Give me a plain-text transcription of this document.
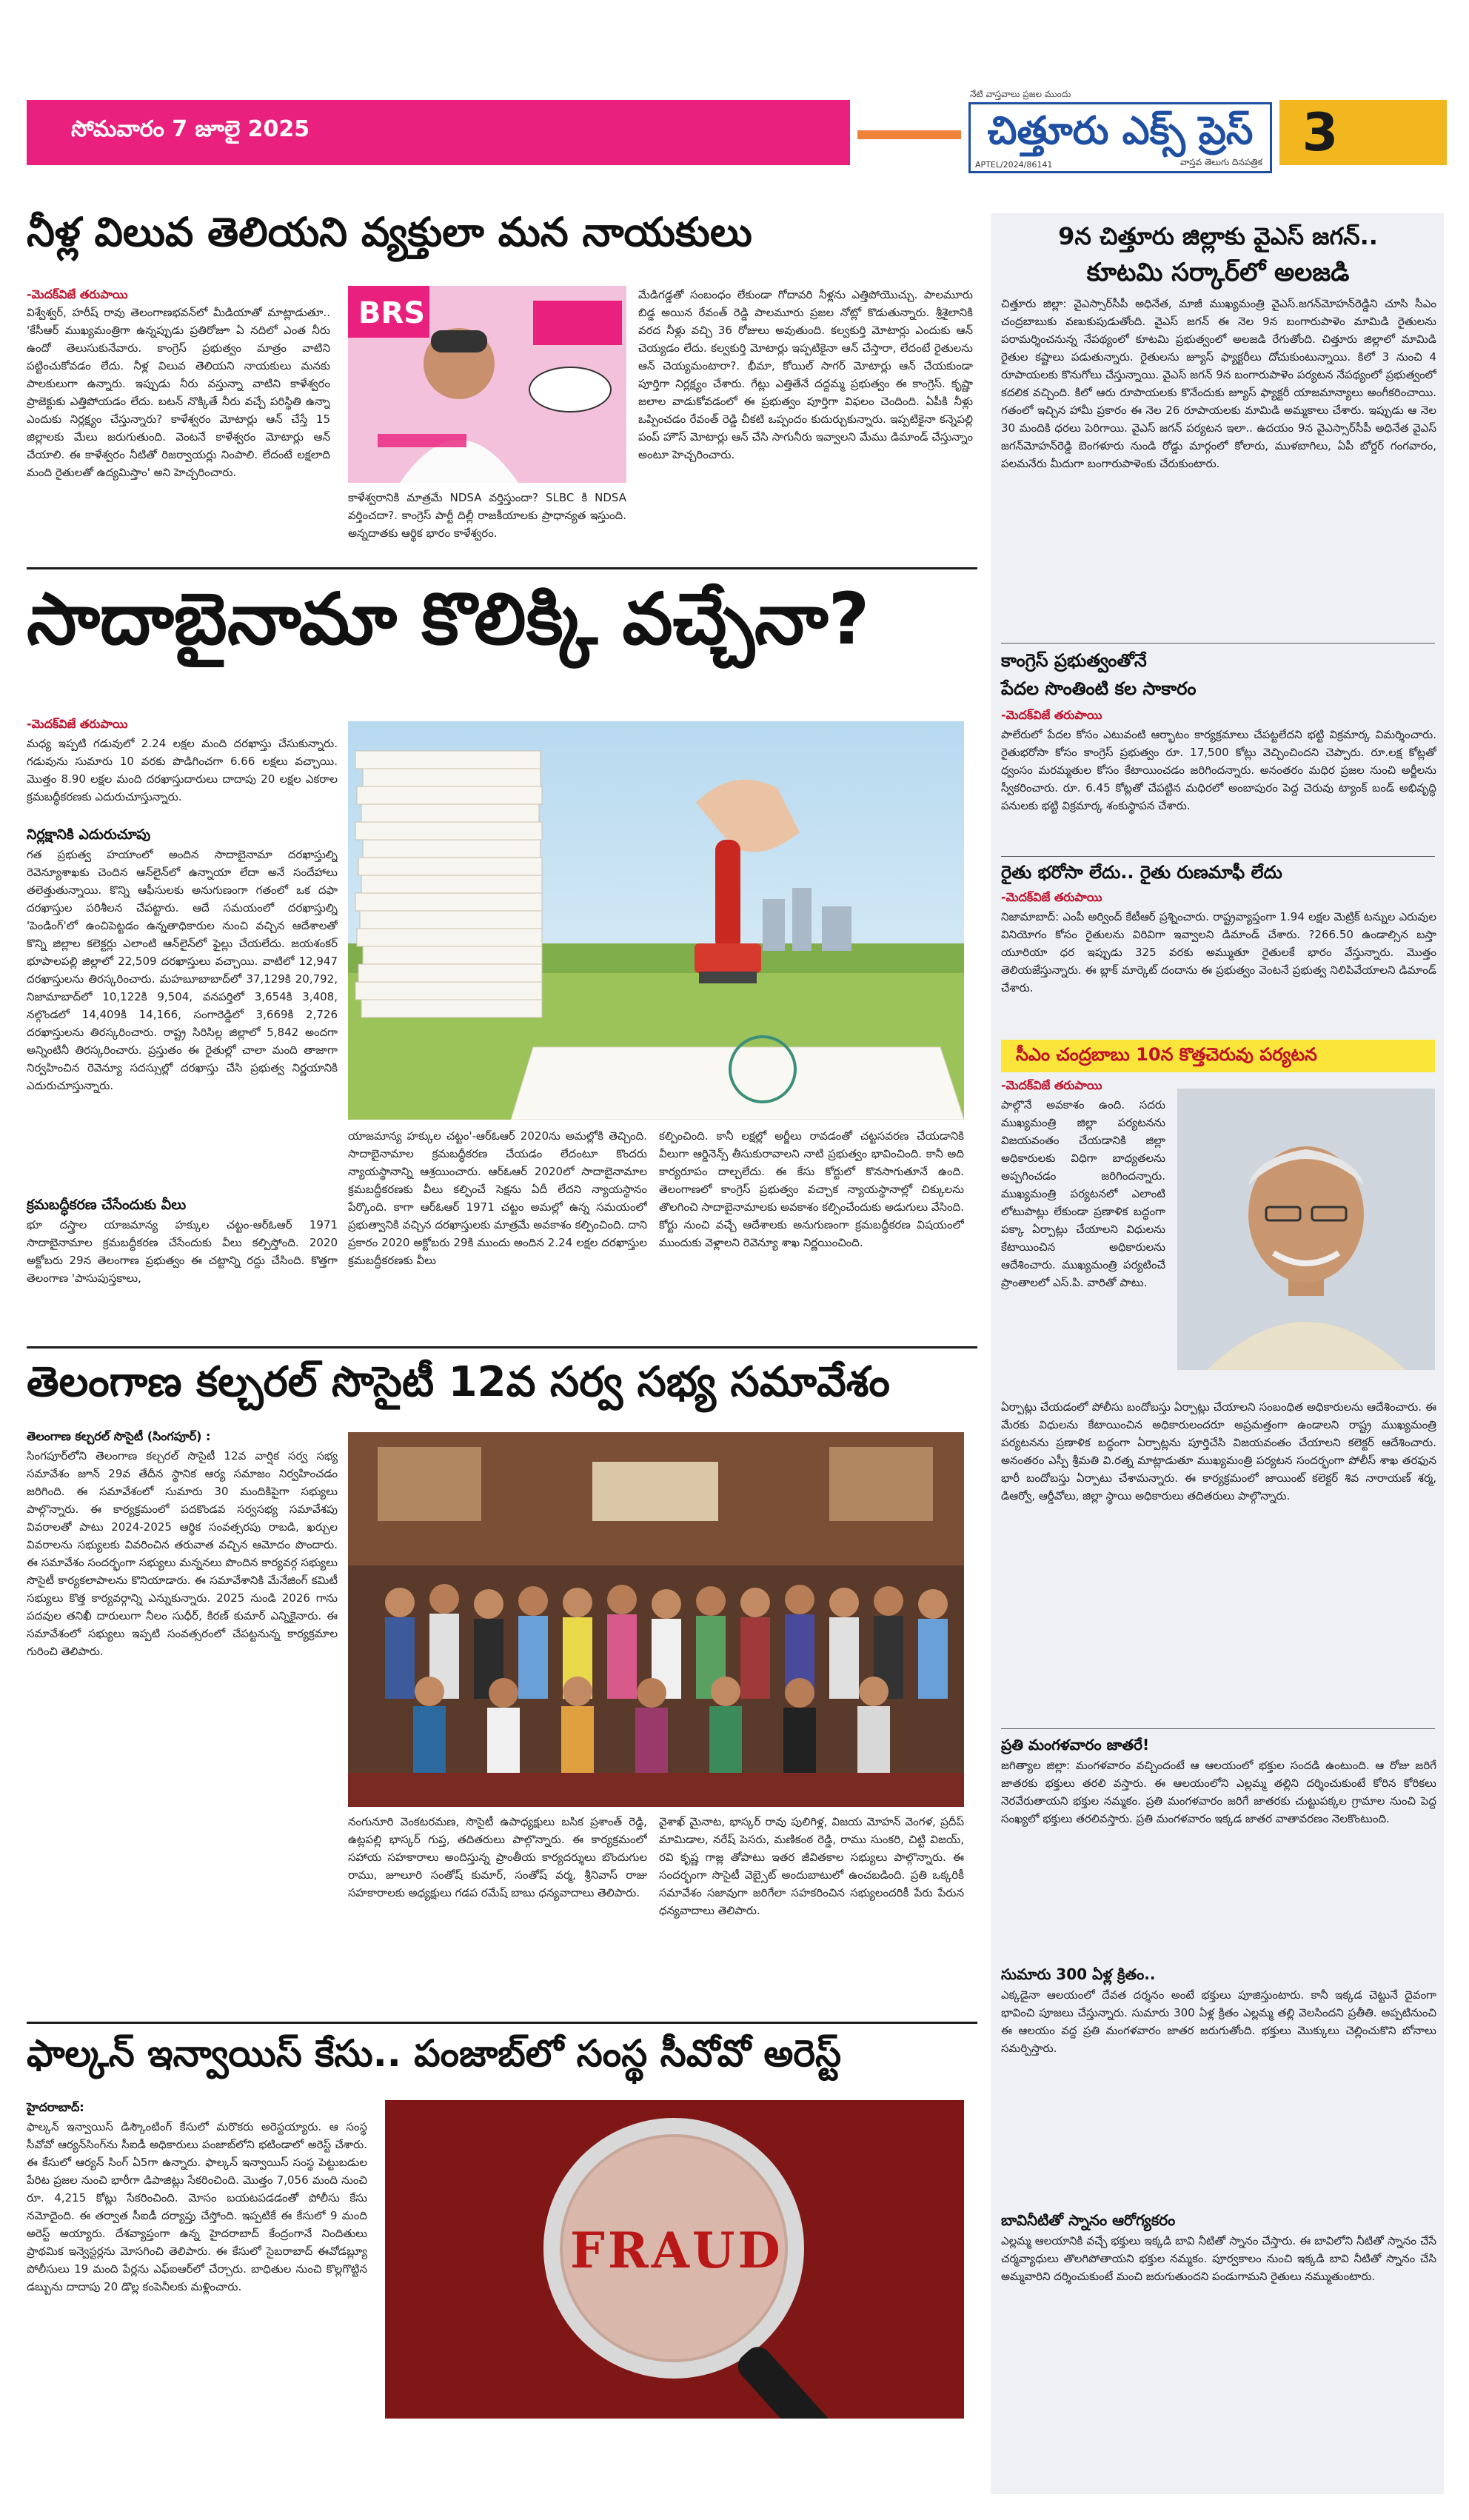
సోమవారం 7 జూలై 2025
నేటి వాస్తవాలు ప్రజల ముందు
చిత్తూరు ఎక్స్ ప్రెస్
APTEL/2024/86141	వాస్తవ తెలుగు దినపత్రిక 3
నీళ్ల విలువ తెలియని వ్యక్తులా మన నాయకులు
-మెదక్‌విజే తరుపాయి
విశ్వేశ్వర్, హరీష్ రావు తెలంగాణభవన్‌లో మీడియాతో మాట్లాడుతూ.. 'కేసీఆర్ ముఖ్యమంత్రిగా ఉన్నప్పుడు ప్రతిరోజూ ఏ నదిలో ఎంత నీరు ఉందో తెలుసుకునేవారు. కాంగ్రెస్ ప్రభుత్వం మాత్రం వాటిని పట్టించుకోవడం లేదు. నీళ్ల విలువ తెలియని నాయకులు మనకు పాలకులుగా ఉన్నారు. ఇప్పుడు నీరు వస్తున్నా వాటిని కాళేశ్వరం ప్రాజెక్టుకు ఎత్తిపోయడం లేదు. బటన్ నొక్కితే నీరు వచ్చే పరిస్థితి ఉన్నా ఎందుకు నిర్లక్ష్యం చేస్తున్నారు? కాళేశ్వరం మోటార్లు ఆన్ చేస్తే 15 జిల్లాలకు మేలు జరుగుతుంది. వెంటనే కాళేశ్వరం మోటార్లు ఆన్ చేయాలి. ఈ కాళేశ్వరం నీటితో రిజర్వాయర్లు నింపాలి. లేదంటే లక్షలాది మంది రైతులతో ఉద్యమిస్తాం' అని హెచ్చరించారు.
BRS
కాళేశ్వరానికి మాత్రమే NDSA వర్తిస్తుందా? SLBC కి NDSA వర్తించదా?. కాంగ్రెస్ పార్టీ దిల్లీ రాజకీయాలకు ప్రాధాన్యత ఇస్తుంది. అన్నదాతకు ఆర్థిక భారం కాళేశ్వరం.
మేడిగడ్డతో సంబంధం లేకుండా గోదావరి నీళ్లను ఎత్తిపోయొచ్చు. పాలమూరు బిడ్డ అయిన రేవంత్ రెడ్డి పాలమూరు ప్రజల నోట్లో కొడుతున్నారు. శ్రీశైలానికి వరద నీళ్లు వచ్చి 36 రోజులు అవుతుంది. కల్వకుర్తి మోటార్లు ఎందుకు ఆన్ చెయ్యడం లేదు. కల్వకుర్తి మోటార్లు ఇప్పటికైనా ఆన్ చేస్తారా, లేదంటే రైతులను ఆన్ చెయ్యమంటారా?. భీమా, కోయిల్ సాగర్ మోటార్లు ఆన్ చేయకుండా పూర్తిగా నిర్లక్ష్యం చేశారు. గేట్లు ఎత్తితేనే దద్దమ్మ ప్రభుత్వం ఈ కాంగ్రెస్. కృష్ణా జలాల వాడుకోవడంలో ఈ ప్రభుత్వం పూర్తిగా విఫలం చెందింది. ఏపీకి నీళ్లు ఒప్పించడం రేవంత్ రెడ్డి చీకటి ఒప్పందం కుదుర్చుకున్నారు. ఇప్పటికైనా కన్నెపల్లి పంప్ హౌస్ మోటార్లు ఆన్ చేసి సాగునీరు ఇవ్వాలని మేము డిమాండ్ చేస్తున్నాం అంటూ హెచ్చరించారు.
సాదాబైనామా కొలిక్కి వచ్చేనా?
-మెదక్‌విజే తరుపాయి
మధ్య ఇప్పటి గడువులో 2.24 లక్షల మంది దరఖాస్తు చేసుకున్నారు. గడువును సుమారు 10 వరకు పొడిగించగా 6.66 లక్షలు వచ్చాయి. మొత్తం 8.90 లక్షల మంది దరఖాస్తుదారులు దాదాపు 20 లక్షల ఎకరాల క్రమబద్ధీకరణకు ఎదురుచూస్తున్నారు.
నిర్లక్షానికి ఎదురుచూపు
గత ప్రభుత్వ హయాంలో అందిన సాదాబైనామా దరఖాస్తుల్ని రెవెన్యూశాఖకు చెందిన ఆన్‌లైన్‌లో ఉన్నాయా లేదా అనే సందేహాలు తలెత్తుతున్నాయి. కొన్ని ఆఫీసులకు అనుగుణంగా గతంలో ఒక దఫా దరఖాస్తుల పరిశీలన చేపట్టారు. ఆదే సమయంలో దరఖాస్తుల్ని 'పెండింగ్‌'లో ఉంచిపెట్టడం ఉన్నతాధికారుల నుంచి వచ్చిన ఆదేశాలతో కొన్ని జిల్లాల కలెక్టర్లు ఎలాంటి ఆన్‌లైన్‌లో ఫైల్లు చేయలేదు. జయశంకర్ భూపాలపల్లి జిల్లాలో 22,509 దరఖాస్తులు వచ్చాయి. వాటిలో 12,947 దరఖాస్తులను తిరస్కరించారు. మహబూబాబాద్‌లో 37,129కి 20,792, నిజామాబాద్‌లో 10,122కి 9,504, వనపర్తిలో 3,654కి 3,408, నల్గొండలో 14,409కి 14,166, సంగారెడ్డిలో 3,669కి 2,726 దరఖాస్తులను తిరస్కరించారు. రాష్ట్ర సిరిసిల్ల జిల్లాలో 5,842 అందగా అన్నింటినీ తిరస్కరించారు. ప్రస్తుతం ఈ రైతుల్లో చాలా మంది తాజాగా నిర్వహించిన రెవెన్యూ సదస్సుల్లో దరఖాస్తు చేసి ప్రభుత్వ నిర్ణయానికి ఎదురుచూస్తున్నారు.
క్రమబద్ధీకరణ చేసేందుకు వీలు
భూ దస్త్రాల యాజమాన్య హక్కుల చట్టం-ఆర్‌ఓఆర్ 1971 సాదాబైనామాల క్రమబద్ధీకరణ చేసేందుకు వీలు కల్పిస్తోంది. 2020 అక్టోబరు 29న తెలంగాణ ప్రభుత్వం ఈ చట్టాన్ని రద్దు చేసింది. కొత్తగా తెలంగాణ 'పాసుపుస్తకాలు,
యాజమాన్య హక్కుల చట్టం'-ఆర్‌ఓఆర్ 2020ను అమల్లోకి తెచ్చింది. సాదాబైనామాల క్రమబద్ధీకరణ చేయడం లేదంటూ కొందరు న్యాయస్థానాన్ని ఆశ్రయించారు. ఆర్‌ఓఆర్ 2020లో సాదాబైనామాల క్రమబద్ధీకరణకు వీలు కల్పించే సెక్షను ఏదీ లేదని న్యాయస్థానం పేర్కొంది. కాగా ఆర్‌ఓఆర్ 1971 చట్టం అమల్లో ఉన్న సమయంలో ప్రభుత్వానికి వచ్చిన దరఖాస్తులకు మాత్రమే అవకాశం కల్పించింది. దాని ప్రకారం 2020 అక్టోబరు 29కి ముందు అందిన 2.24 లక్షల దరఖాస్తుల క్రమబద్ధీకరణకు వీలు
కల్పించింది. కానీ లక్షల్లో అర్జీలు రావడంతో చట్టసవరణ చేయడానికి వీలుగా ఆర్డినెన్స్ తీసుకురావాలని నాటి ప్రభుత్వం భావించింది. కానీ అది కార్యరూపం దాల్చలేదు. ఈ కేసు కోర్టులో కొనసాగుతూనే ఉంది. తెలంగాణలో కాంగ్రెస్ ప్రభుత్వం వచ్చాక న్యాయస్థానాల్లో చిక్కులను తొలగించి సాదాబైనామాలకు అవకాశం కల్పించేందుకు అడుగులు వేసింది. కోర్టు నుంచి వచ్చే ఆదేశాలకు అనుగుణంగా క్రమబద్ధీకరణ విషయంలో ముందుకు వెళ్లాలని రెవెన్యూ శాఖ నిర్ణయించింది.
తెలంగాణ కల్చరల్ సొసైటీ 12వ సర్వ సభ్య సమావేశం
తెలంగాణ కల్చరల్ సొసైటీ (సింగపూర్) :
సింగపూర్‌లోని తెలంగాణ కల్చరల్ సొసైటీ 12వ వార్షిక సర్వ సభ్య సమావేశం జూన్ 29వ తేదీన స్థానిక ఆర్య సమాజం నిర్వహించడం జరిగింది. ఈ సమావేశంలో సుమారు 30 మందికిపైగా సభ్యులు పాల్గొన్నారు. ఈ కార్యక్రమంలో పదకొండవ సర్వసభ్య సమావేశపు వివరాలతో పాటు 2024-2025 ఆర్థిక సంవత్సరపు రాబడి, ఖర్చుల వివరాలను సభ్యులకు వివరించిన తరువాత వచ్చిన ఆమోదం పొందారు. ఈ సమావేశం సందర్భంగా సభ్యులు మన్ననలు పొందిన కార్యవర్గ సభ్యులు సొసైటీ కార్యకలాపాలను కొనియాడారు. ఈ సమావేశానికి మేనేజింగ్ కమిటీ సభ్యులు కొత్త కార్యవర్గాన్ని ఎన్నుకున్నారు. 2025 నుండి 2026 గాను పదవుల తనిఖీ దారులుగా నీలం సుధీర్, కిరణ్ కుమార్ ఎన్నికైనారు. ఈ సమావేశంలో సభ్యులు ఇప్పటి సంవత్సరంలో చేపట్టనున్న కార్యక్రమాల గురించి తెలిపారు.
నంగునూరి వెంకటరమణ, సొసైటీ ఉపాధ్యక్షులు బసిక ప్రశాంత్ రెడ్డి, ఉట్లపల్లి భాస్కర్ గుప్త, తదితరులు పాల్గొన్నారు. ఈ కార్యక్రమంలో సహాయ సహకారాలు అందిస్తున్న ప్రాంతీయ కార్యదర్శులు బొందుగుల రాము, జూలూరి సంతోష్ కుమార్, సంతోష్ వర్మ, శ్రీనివాస్ రాజు సహకారాలకు అధ్యక్షులు గడప రమేష్ బాబు ధన్యవాదాలు తెలిపారు.
వైశాఖ్ మైనాట, భాస్కర్ రావు పులిగిళ్ల, విజయ మోహన్ వెంగళ, ప్రదీప్ మామిడాల, నరేష్ పెసరు, మణికంఠ రెడ్డి, రాము సుంకరి, చిట్టి విజయ్, రవి కృష్ణ గాజ్ల తోపాటు ఇతర జీవితకాల సభ్యులు పాల్గొన్నారు. ఈ సందర్భంగా సొసైటీ వెబ్సైట్ అందుబాటులో ఉంచబడింది. ప్రతి ఒక్కరికీ సమావేశం సజావుగా జరిగేలా సహకరించిన సభ్యులందరికీ పేరు పేరున ధన్యవాదాలు తెలిపారు.
ఫాల్కన్ ఇన్వాయిస్ కేసు.. పంజాబ్‌లో సంస్థ సీవోవో అరెస్ట్
హైదరాబాద్:
ఫాల్కన్ ఇన్వాయిస్ డిస్కౌంటింగ్ కేసులో మరొకరు అరెస్టయ్యారు. ఆ సంస్థ సీవోవో ఆర్యన్‌సింగ్‌ను సీఐడీ అధికారులు పంజాబ్‌లోని భటిండాలో అరెస్ట్ చేశారు. ఈ కేసులో ఆర్యన్ సింగ్ ఏ5గా ఉన్నారు. ఫాల్కన్ ఇన్వాయిస్ సంస్థ పెట్టుబడుల పేరిట ప్రజల నుంచి భారీగా డిపాజిట్లు సేకరించింది. మొత్తం 7,056 మంది నుంచి రూ. 4,215 కోట్లు సేకరించింది. మోసం బయటపడడంతో పోలీసు కేసు నమోదైంది. ఈ తర్వాత సీఐడీ దర్యాప్తు చేస్తోంది. ఇప్పటికే ఈ కేసులో 9 మంది అరెస్ట్ అయ్యారు. దేశవ్యాప్తంగా ఉన్న హైదరాబాద్ కేంద్రంగానే నిందితులు ప్రాథమిక ఇన్వెస్టర్లను మోసగించి తెలిపారు. ఈ కేసులో సైబరాబాద్ ఈవోడబ్ల్యూ పోలీసులు 19 మంది పేర్లను ఎఫ్ఐఆర్‌లో చేర్చారు. బాధితుల నుంచి కొల్లగొట్టిన డబ్బును దాదాపు 20 డొల్ల కంపెనీలకు మళ్లించారు.
FRAUD
9న చిత్తూరు జిల్లాకు వైఎస్ జగన్..
కూటమి సర్కార్‌లో అలజడి
చిత్తూరు జిల్లా: వైఎస్సార్‌సీపీ అధినేత, మాజీ ముఖ్యమంత్రి వైఎస్.జగన్‌మోహన్‌రెడ్డిని చూసి సీఎం చంద్రబాబుకు వణుకుపుడుతోంది. వైఎస్ జగన్ ఈ నెల 9న బంగారుపాళెం మామిడి రైతులను పరామర్శించనున్న నేపథ్యంలో కూటమి ప్రభుత్వంలో అలజడి రేగుతోంది. చిత్తూరు జిల్లాలో మామిడి రైతుల కష్టాలు పడుతున్నారు. రైతులను జ్యూస్ ఫ్యాక్టరీలు దోచుకుంటున్నాయి. కిలో 3 నుంచి 4 రూపాయలకు కొనుగోలు చేస్తున్నాయి. వైఎస్ జగన్ 9న బంగారుపాళెం పర్యటన నేపథ్యంలో ప్రభుత్వంలో కదలిక వచ్చింది. కిలో ఆరు రూపాయలకు కొనేందుకు జ్యూస్ ఫ్యాక్టరీ యాజమాన్యాలు అంగీకరించాయి. గతంలో ఇచ్చిన హామీ ప్రకారం ఈ నెల 26 రూపాయలకు మామిడి అమ్మకాలు చేశారు. ఇప్పుడు ఆ నెల 30 మందికి ధరలు పెరిగాయి. వైఎస్ జగన్ పర్యటన ఇలా.. ఉదయం 9న వైఎస్సార్‌సీపీ అధినేత వైఎస్ జగన్‌మోహన్‌రెడ్డి బెంగళూరు నుండి రోడ్డు మార్గంలో కోలారు, ముళబాగిలు, ఏపీ బోర్డర్ గంగవారం, పలమనేరు మీదుగా బంగారుపాళెంకు చేరుకుంటారు.
కాంగ్రెస్ ప్రభుత్వంతోనే
పేదల సొంతింటి కల సాకారం
-మెదక్‌విజే తరుపాయి
పాలేరులో పేదల కోసం ఎటువంటి ఆర్భాటం కార్యక్రమాలు చేపట్టలేదని భట్టి విక్రమార్క విమర్శించారు. రైతుభరోసా కోసం కాంగ్రెస్ ప్రభుత్వం రూ. 17,500 కోట్లు వెచ్చించిందని చెప్పారు. రూ.లక్ష కోట్లతో ధ్వంసం మరమ్మతుల కోసం కేటాయించడం జరిగిందన్నారు. అనంతరం మధిర ప్రజల నుంచి అర్జీలను స్వీకరించారు. రూ. 6.45 కోట్లతో చేపట్టిన మధిరలో అంబాపురం పెద్ద చెరువు ట్యాంక్ బండ్ అభివృద్ధి పనులకు భట్టి విక్రమార్క శంకుస్థాపన చేశారు.
రైతు భరోసా లేదు.. రైతు రుణమాఫీ లేదు
-మెదక్‌విజే తరుపాయి
నిజామాబాద్: ఎంపీ అర్వింద్ కేటీఆర్ ప్రశ్నించారు. రాష్ట్రవ్యాప్తంగా 1.94 లక్షల మెట్రిక్ టన్నుల ఎరువుల వినియోగం కోసం రైతులను విరివిగా ఇవ్వాలని డిమాండ్ చేశారు. ?266.50 ఉండాల్సిన బస్తా యూరియా ధర ఇప్పుడు 325 వరకు అమ్ముతూ రైతులకే భారం వేస్తున్నారు. మొత్తం తెలియజేస్తున్నారు. ఈ బ్లాక్ మార్కెట్ దందాను ఈ ప్రభుత్వం వెంటనే ప్రభుత్వ నిలిపివేయాలని డిమాండ్ చేశారు.
సీఎం చంద్రబాబు 10న కొత్తచెరువు పర్యటన
-మెదక్‌విజే తరుపాయి
పాల్గొనే అవకాశం ఉంది. సదరు ముఖ్యమంత్రి జిల్లా పర్యటనను విజయవంతం చేయడానికి జిల్లా అధికారులకు విధిగా బాధ్యతలను అప్పగించడం జరిగిందన్నారు. ముఖ్యమంత్రి పర్యటనలో ఎలాంటి లోటుపాట్లు లేకుండా ప్రణాళిక బద్ధంగా పక్కా ఏర్పాట్లు చేయాలని విధులను కేటాయించిన అధికారులను ఆదేశించారు. ముఖ్యమంత్రి పర్యటించే ప్రాంతాలలో ఎస్.పి. వారితో పాటు.
ఏర్పాట్లు చేయడంలో పోలీసు బందోబస్తు ఏర్పాట్లు చేయాలని సంబంధిత అధికారులను ఆదేశించారు. ఈ మేరకు విధులను కేటాయించిన అధికారులందరూ అప్రమత్తంగా ఉండాలని రాష్ట్ర ముఖ్యమంత్రి పర్యటనను ప్రణాళిక బద్ధంగా ఏర్పాట్లను పూర్తిచేసి విజయవంతం చేయాలని కలెక్టర్ ఆదేశించారు. అనంతరం ఎస్పీ శ్రీమతి వి.రత్న మాట్లాడుతూ ముఖ్యమంత్రి పర్యటన సందర్భంగా పోలీస్ శాఖ తరఫున భారీ బందోబస్తు ఏర్పాటు చేశామన్నారు. ఈ కార్యక్రమంలో జాయింట్ కలెక్టర్ శివ నారాయణ్ శర్మ, డిఆర్వో, ఆర్డీవోలు, జిల్లా స్థాయి అధికారులు తదితరులు పాల్గొన్నారు.
ప్రతి మంగళవారం జాతరే!
జగిత్యాల జిల్లా: మంగళవారం వచ్చిందంటే ఆ ఆలయంలో భక్తుల సందడి ఉంటుంది. ఆ రోజు జరిగే జాతరకు భక్తులు తరలి వస్తారు. ఈ ఆలయంలోని ఎల్లమ్మ తల్లిని దర్శించుకుంటే కోరిన కోరికలు నెరవేరుతాయని భక్తుల నమ్మకం. ప్రతి మంగళవారం జరిగే జాతరకు చుట్టుపక్కల గ్రామాల నుంచి పెద్ద సంఖ్యలో భక్తులు తరలివస్తారు. ప్రతి మంగళవారం ఇక్కడ జాతర వాతావరణం నెలకొంటుంది.
సుమారు 300 ఏళ్ల క్రితం..
ఎక్కడైనా ఆలయంలో దేవత దర్శనం అంటే భక్తులు పూజిస్తుంటారు. కానీ ఇక్కడ చెట్టునే దైవంగా భావించి పూజలు చేస్తున్నారు. సుమారు 300 ఏళ్ల క్రితం ఎల్లమ్మ తల్లి వెలసిందని ప్రతీతి. అప్పటినుంచి ఈ ఆలయం వద్ద ప్రతి మంగళవారం జాతర జరుగుతోంది. భక్తులు మొక్కులు చెల్లించుకొని బోనాలు సమర్పిస్తారు.
బావినీటితో స్నానం ఆరోగ్యకరం
ఎల్లమ్మ ఆలయానికి వచ్చే భక్తులు ఇక్కడి బావి నీటితో స్నానం చేస్తారు. ఈ బావిలోని నీటితో స్నానం చేసే చర్మవ్యాధులు తొలగిపోతాయని భక్తుల నమ్మకం. పూర్వకాలం నుంచి ఇక్కడి బావి నీటితో స్నానం చేసి అమ్మవారిని దర్శించుకుంటే మంచి జరుగుతుందని పండుగామని రైతులు నమ్ముతుంటారు.
